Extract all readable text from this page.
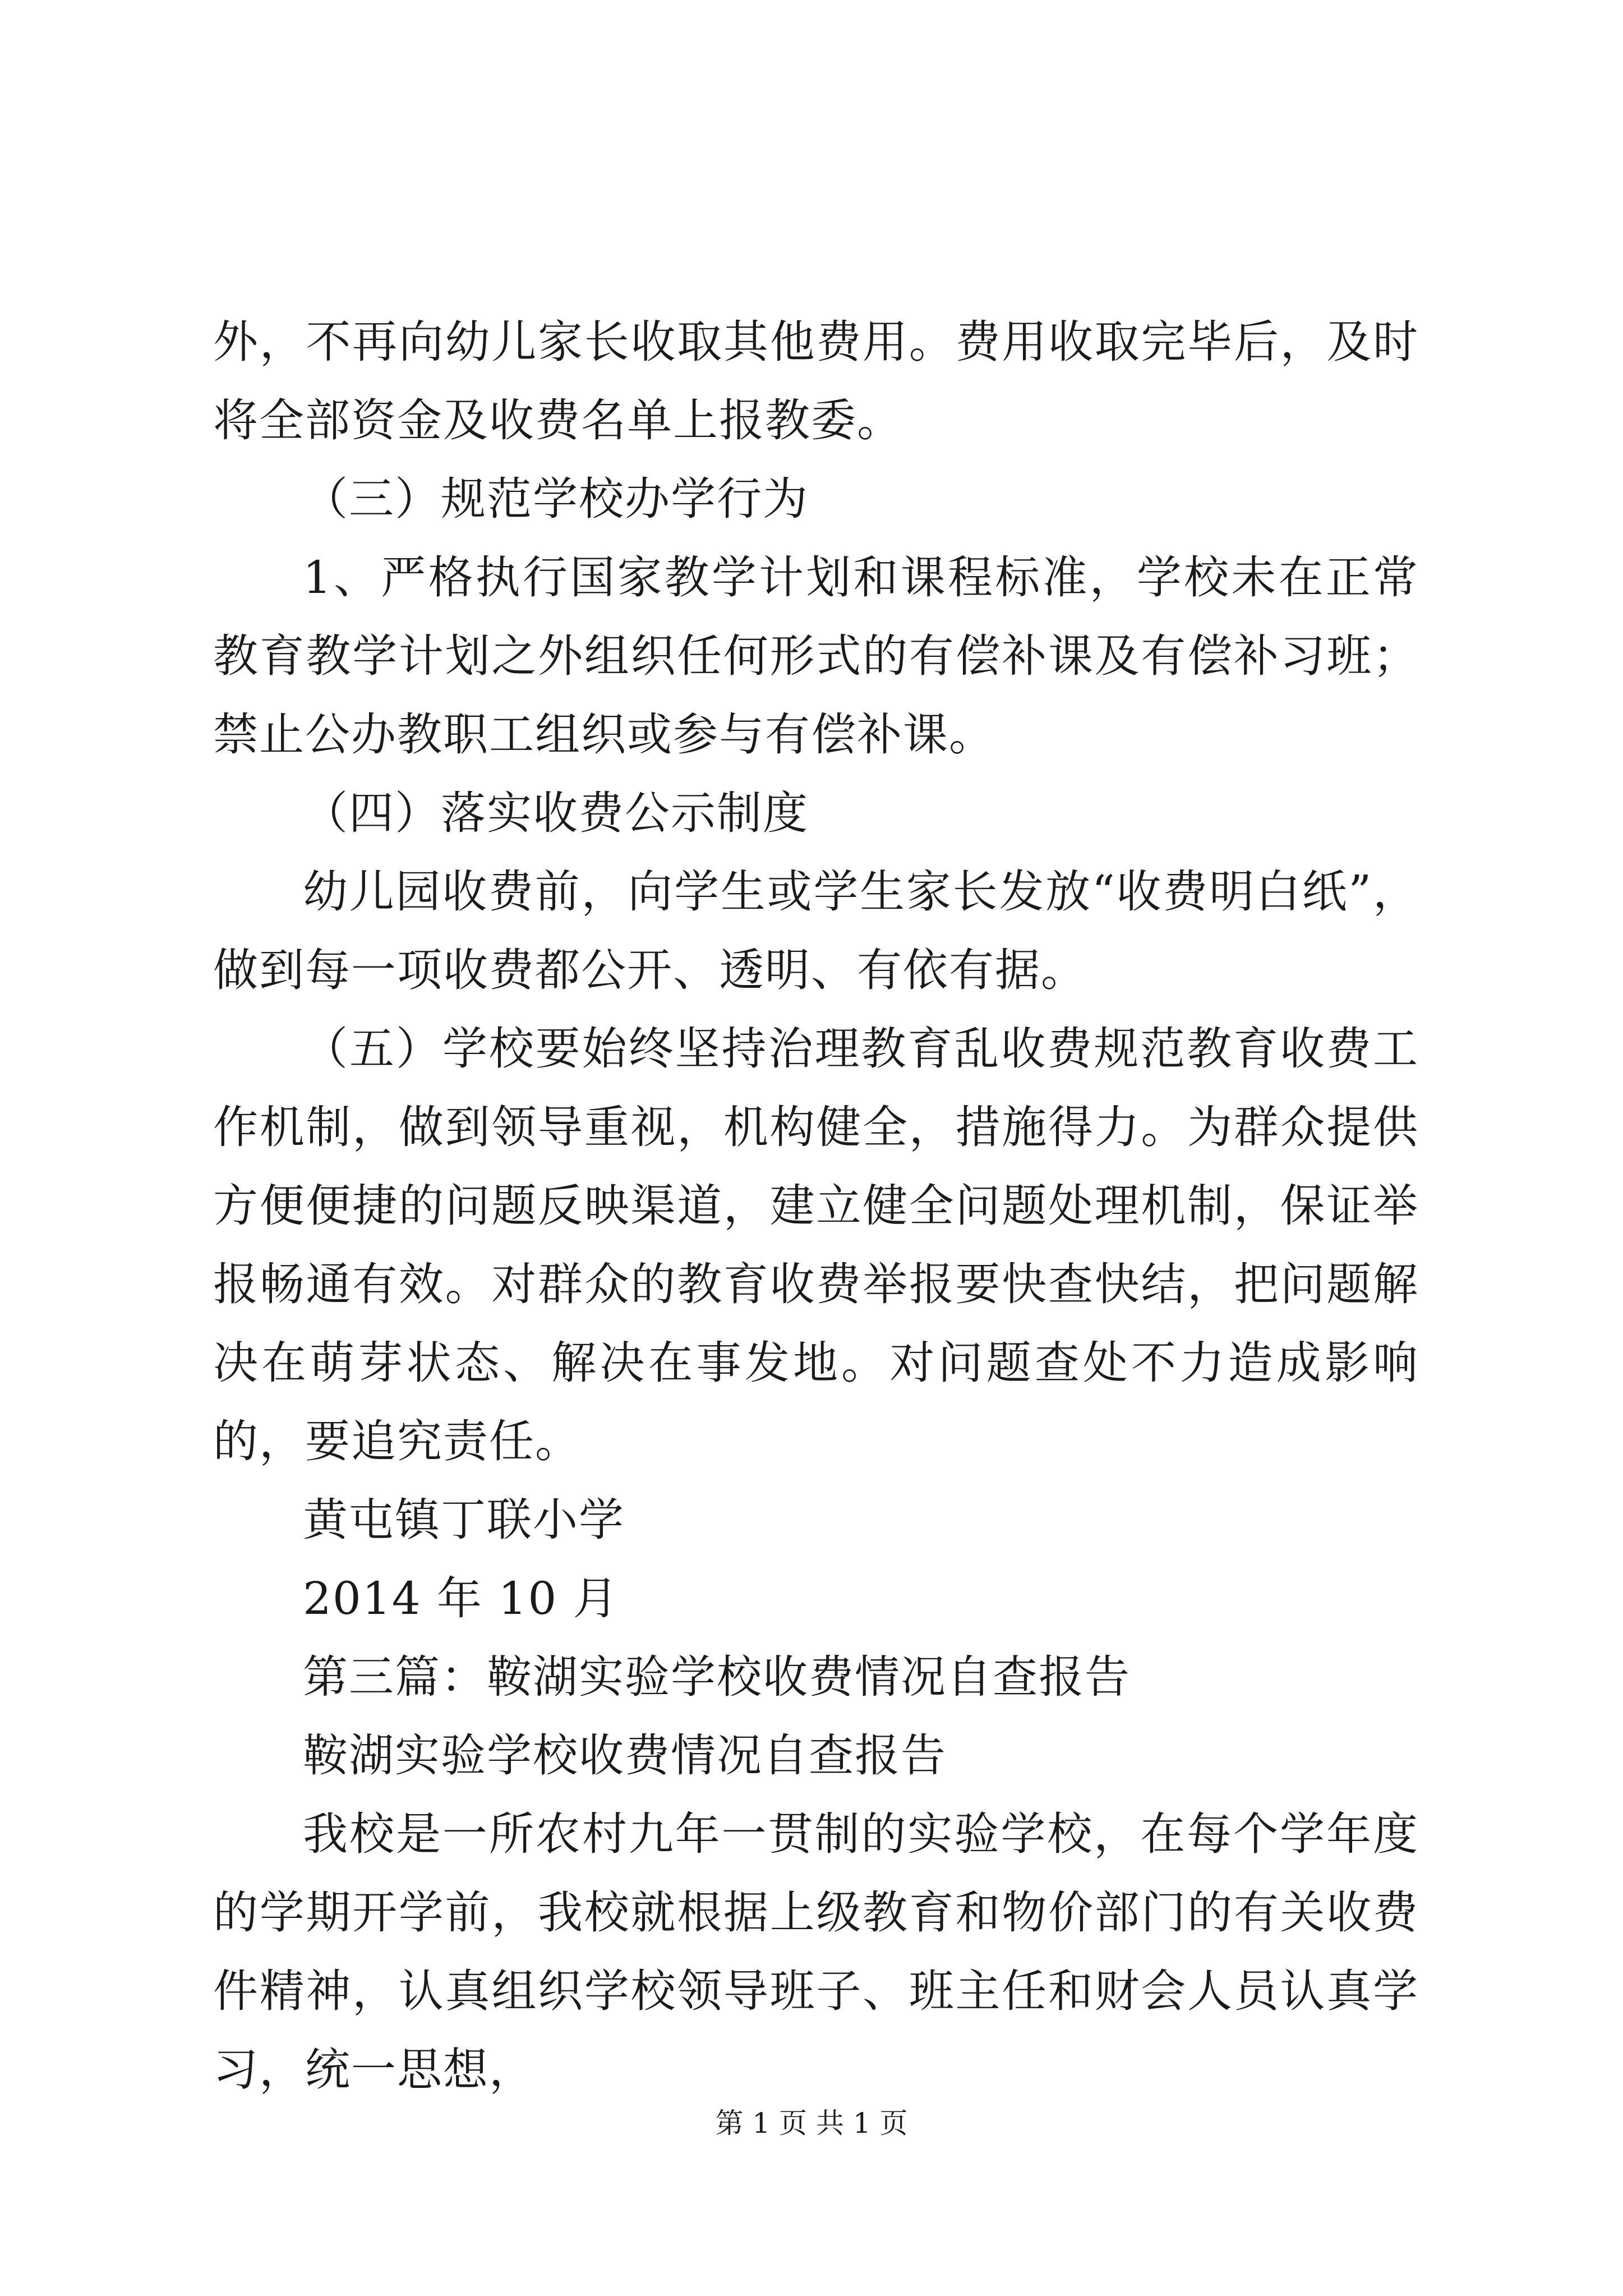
外，不再向幼儿家长收取其他费用。费用收取完毕后，及时将全部资金及收费名单上报教委。

（三）规范学校办学行为

1、严格执行国家教学计划和课程标准，学校未在正常教育教学计划之外组织任何形式的有偿补课及有偿补习班；禁止公办教职工组织或参与有偿补课。

（四）落实收费公示制度

幼儿园收费前，向学生或学生家长发放“收费明白纸”，做到每一项收费都公开、透明、有依有据。

（五）学校要始终坚持治理教育乱收费规范教育收费工作机制，做到领导重视，机构健全，措施得力。为群众提供方便便捷的问题反映渠道，建立健全问题处理机制，保证举报畅通有效。对群众的教育收费举报要快查快结，把问题解决在萌芽状态、解决在事发地。对问题查处不力造成影响的，要追究责任。

黄屯镇丁联小学

2014 年 10 月

第三篇：鞍湖实验学校收费情况自查报告

鞍湖实验学校收费情况自查报告

我校是一所农村九年一贯制的实验学校，在每个学年度的学期开学前，我校就根据上级教育和物价部门的有关收费件精神，认真组织学校领导班子、班主任和财会人员认真学习，统一思想，

第 1 页 共 1 页
